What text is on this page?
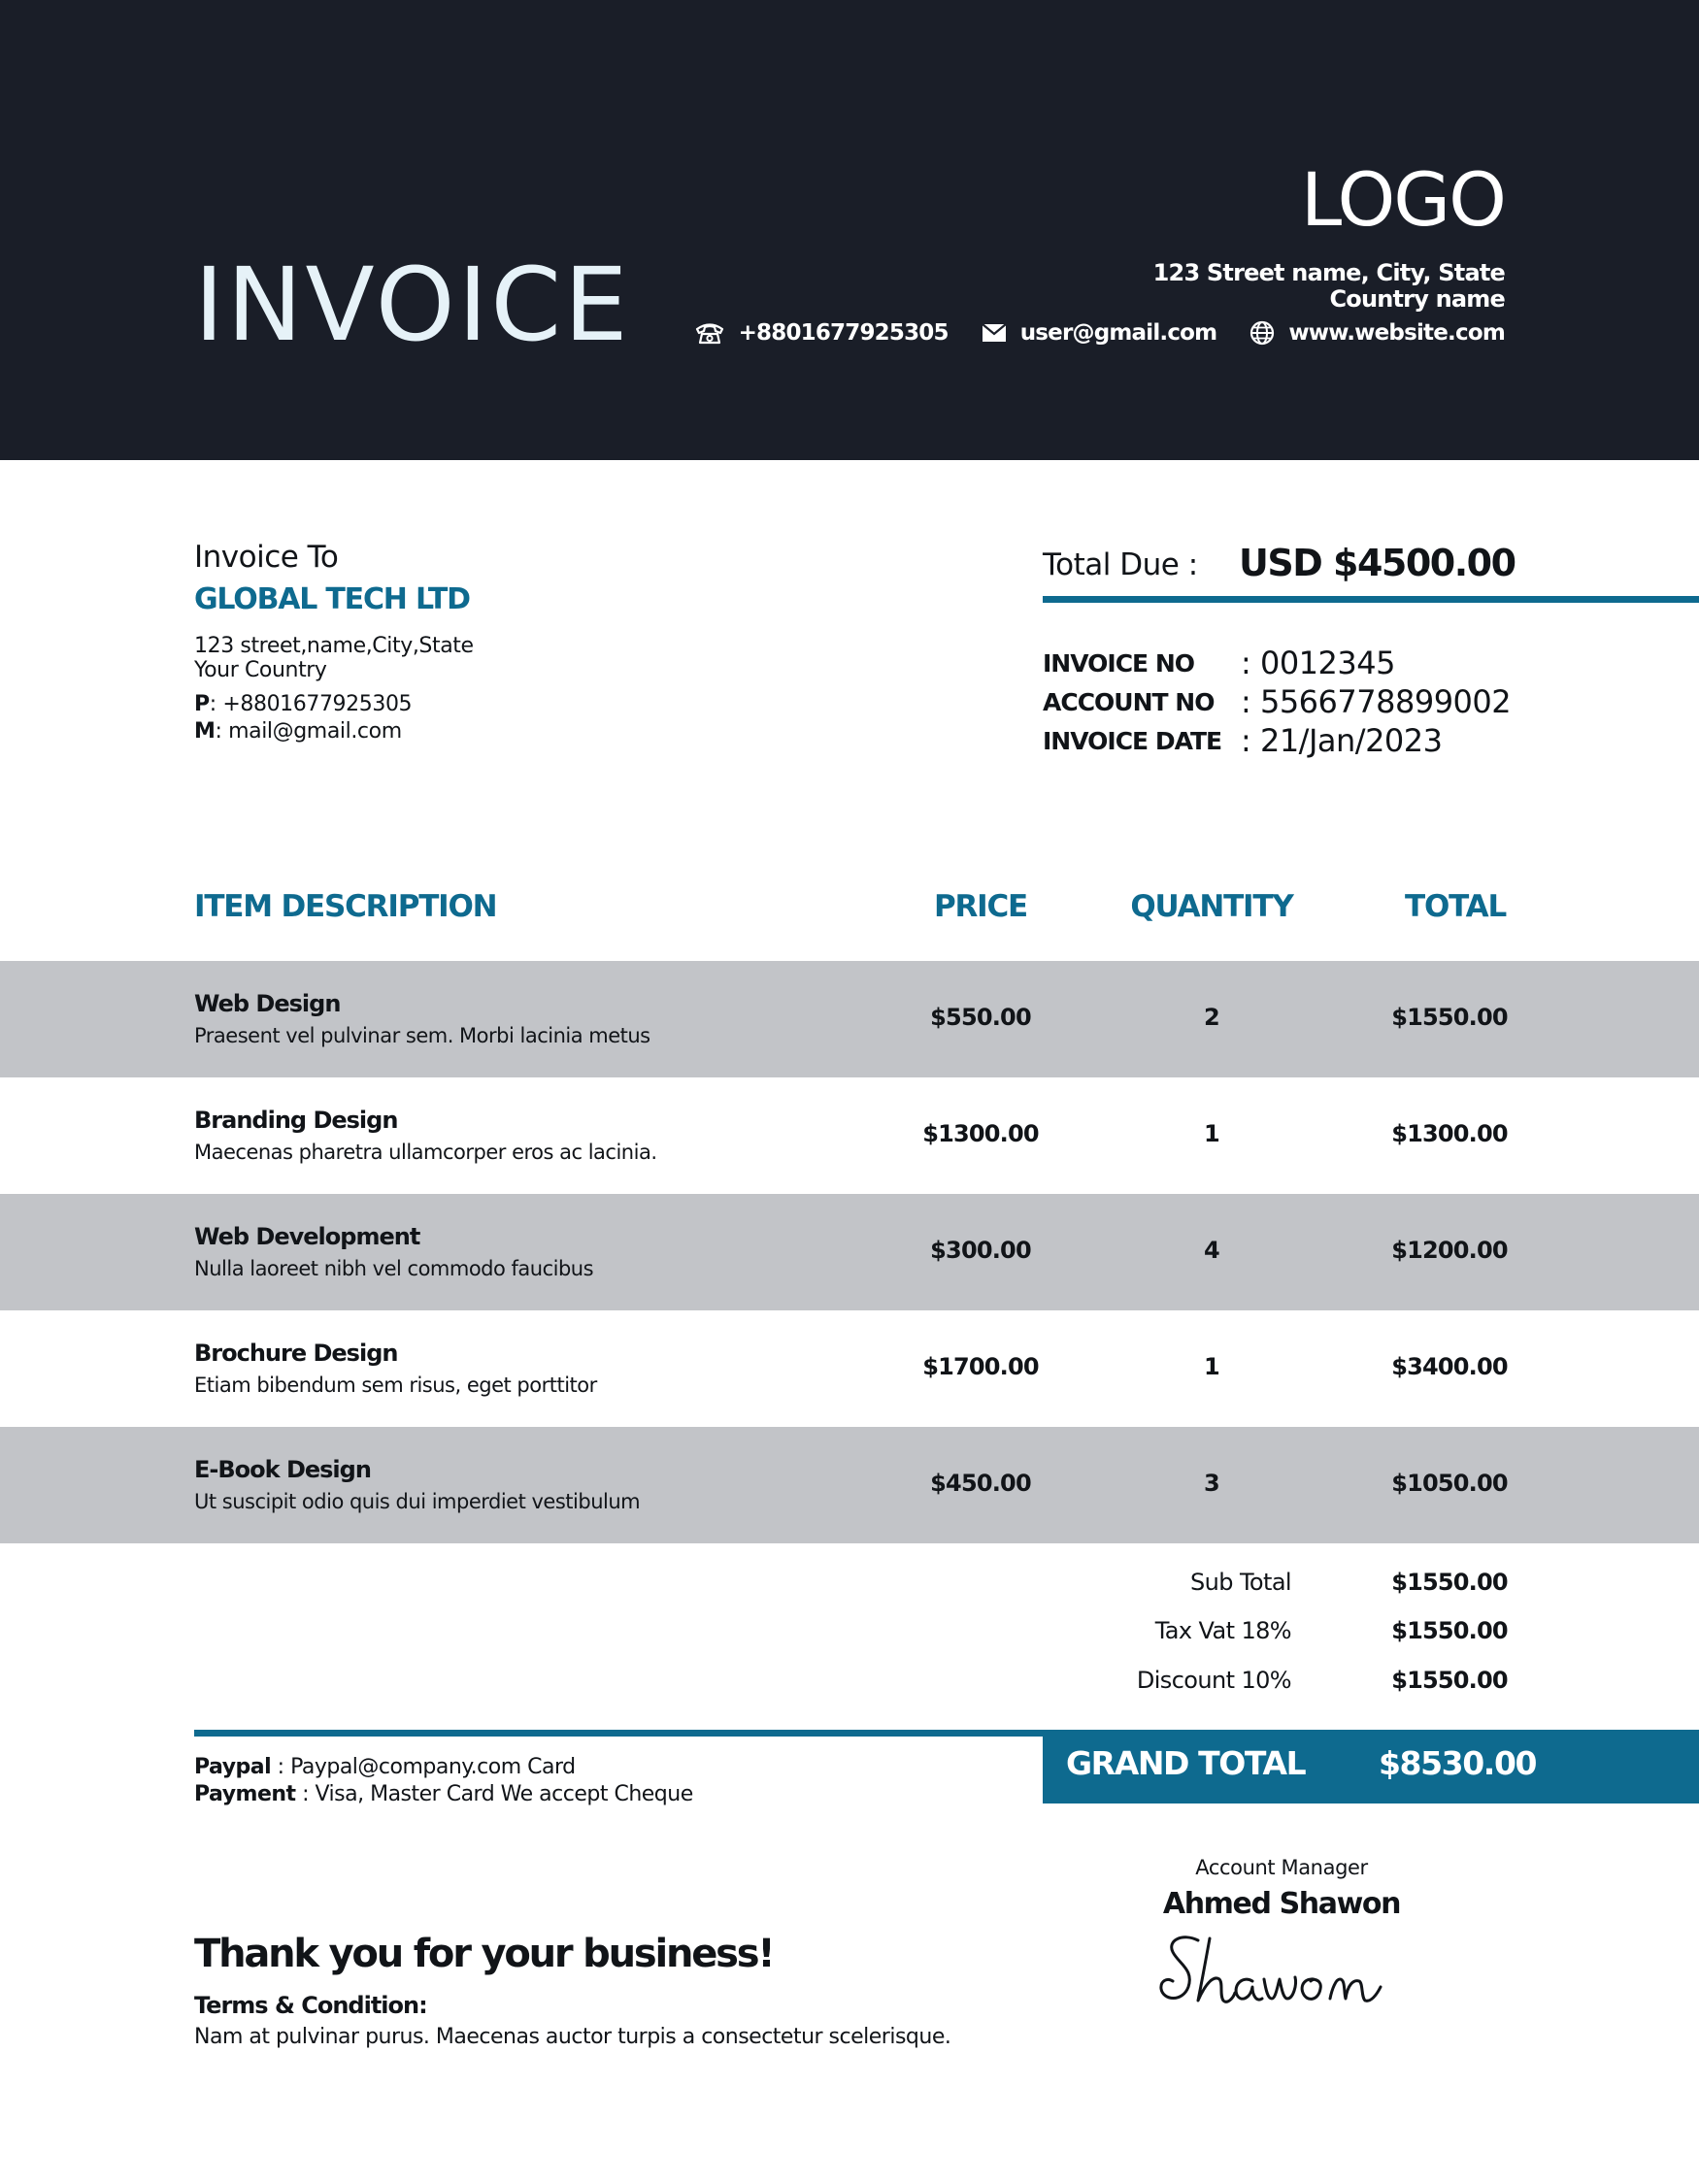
INVOICE
LOGO
123 Street name, City, State
Country name
+8801677925305	user@gmail.com	www.website.com
Invoice To
GLOBAL TECH LTD
123 street,name,City,State
Your Country
P: +8801677925305
M: mail@gmail.com
Total Due : USD $4500.00
INVOICE NO : 0012345
ACCOUNT NO : 5566778899002
INVOICE DATE : 21/Jan/2023
ITEM DESCRIPTION	PRICE	QUANTITY	TOTAL
Web Design
Praesent vel pulvinar sem. Morbi lacinia metus
$550.00	2	$1550.00
Branding Design
Maecenas pharetra ullamcorper eros ac lacinia.
$1300.00	1	$1300.00
Web Development
Nulla laoreet nibh vel commodo faucibus
$300.00	4	$1200.00
Brochure Design
Etiam bibendum sem risus, eget porttitor
$1700.00	1	$3400.00
E-Book Design
Ut suscipit odio quis dui imperdiet vestibulum
$450.00	3	$1050.00
Sub Total	$1550.00
Tax Vat 18%	$1550.00
Discount 10%	$1550.00
GRAND TOTAL $8530.00
Paypal : Paypal@company.com Card
Payment : Visa, Master Card We accept Cheque
Account Manager
Ahmed Shawon
Thank you for your business!
Terms & Condition:
Nam at pulvinar purus. Maecenas auctor turpis a consectetur scelerisque.
